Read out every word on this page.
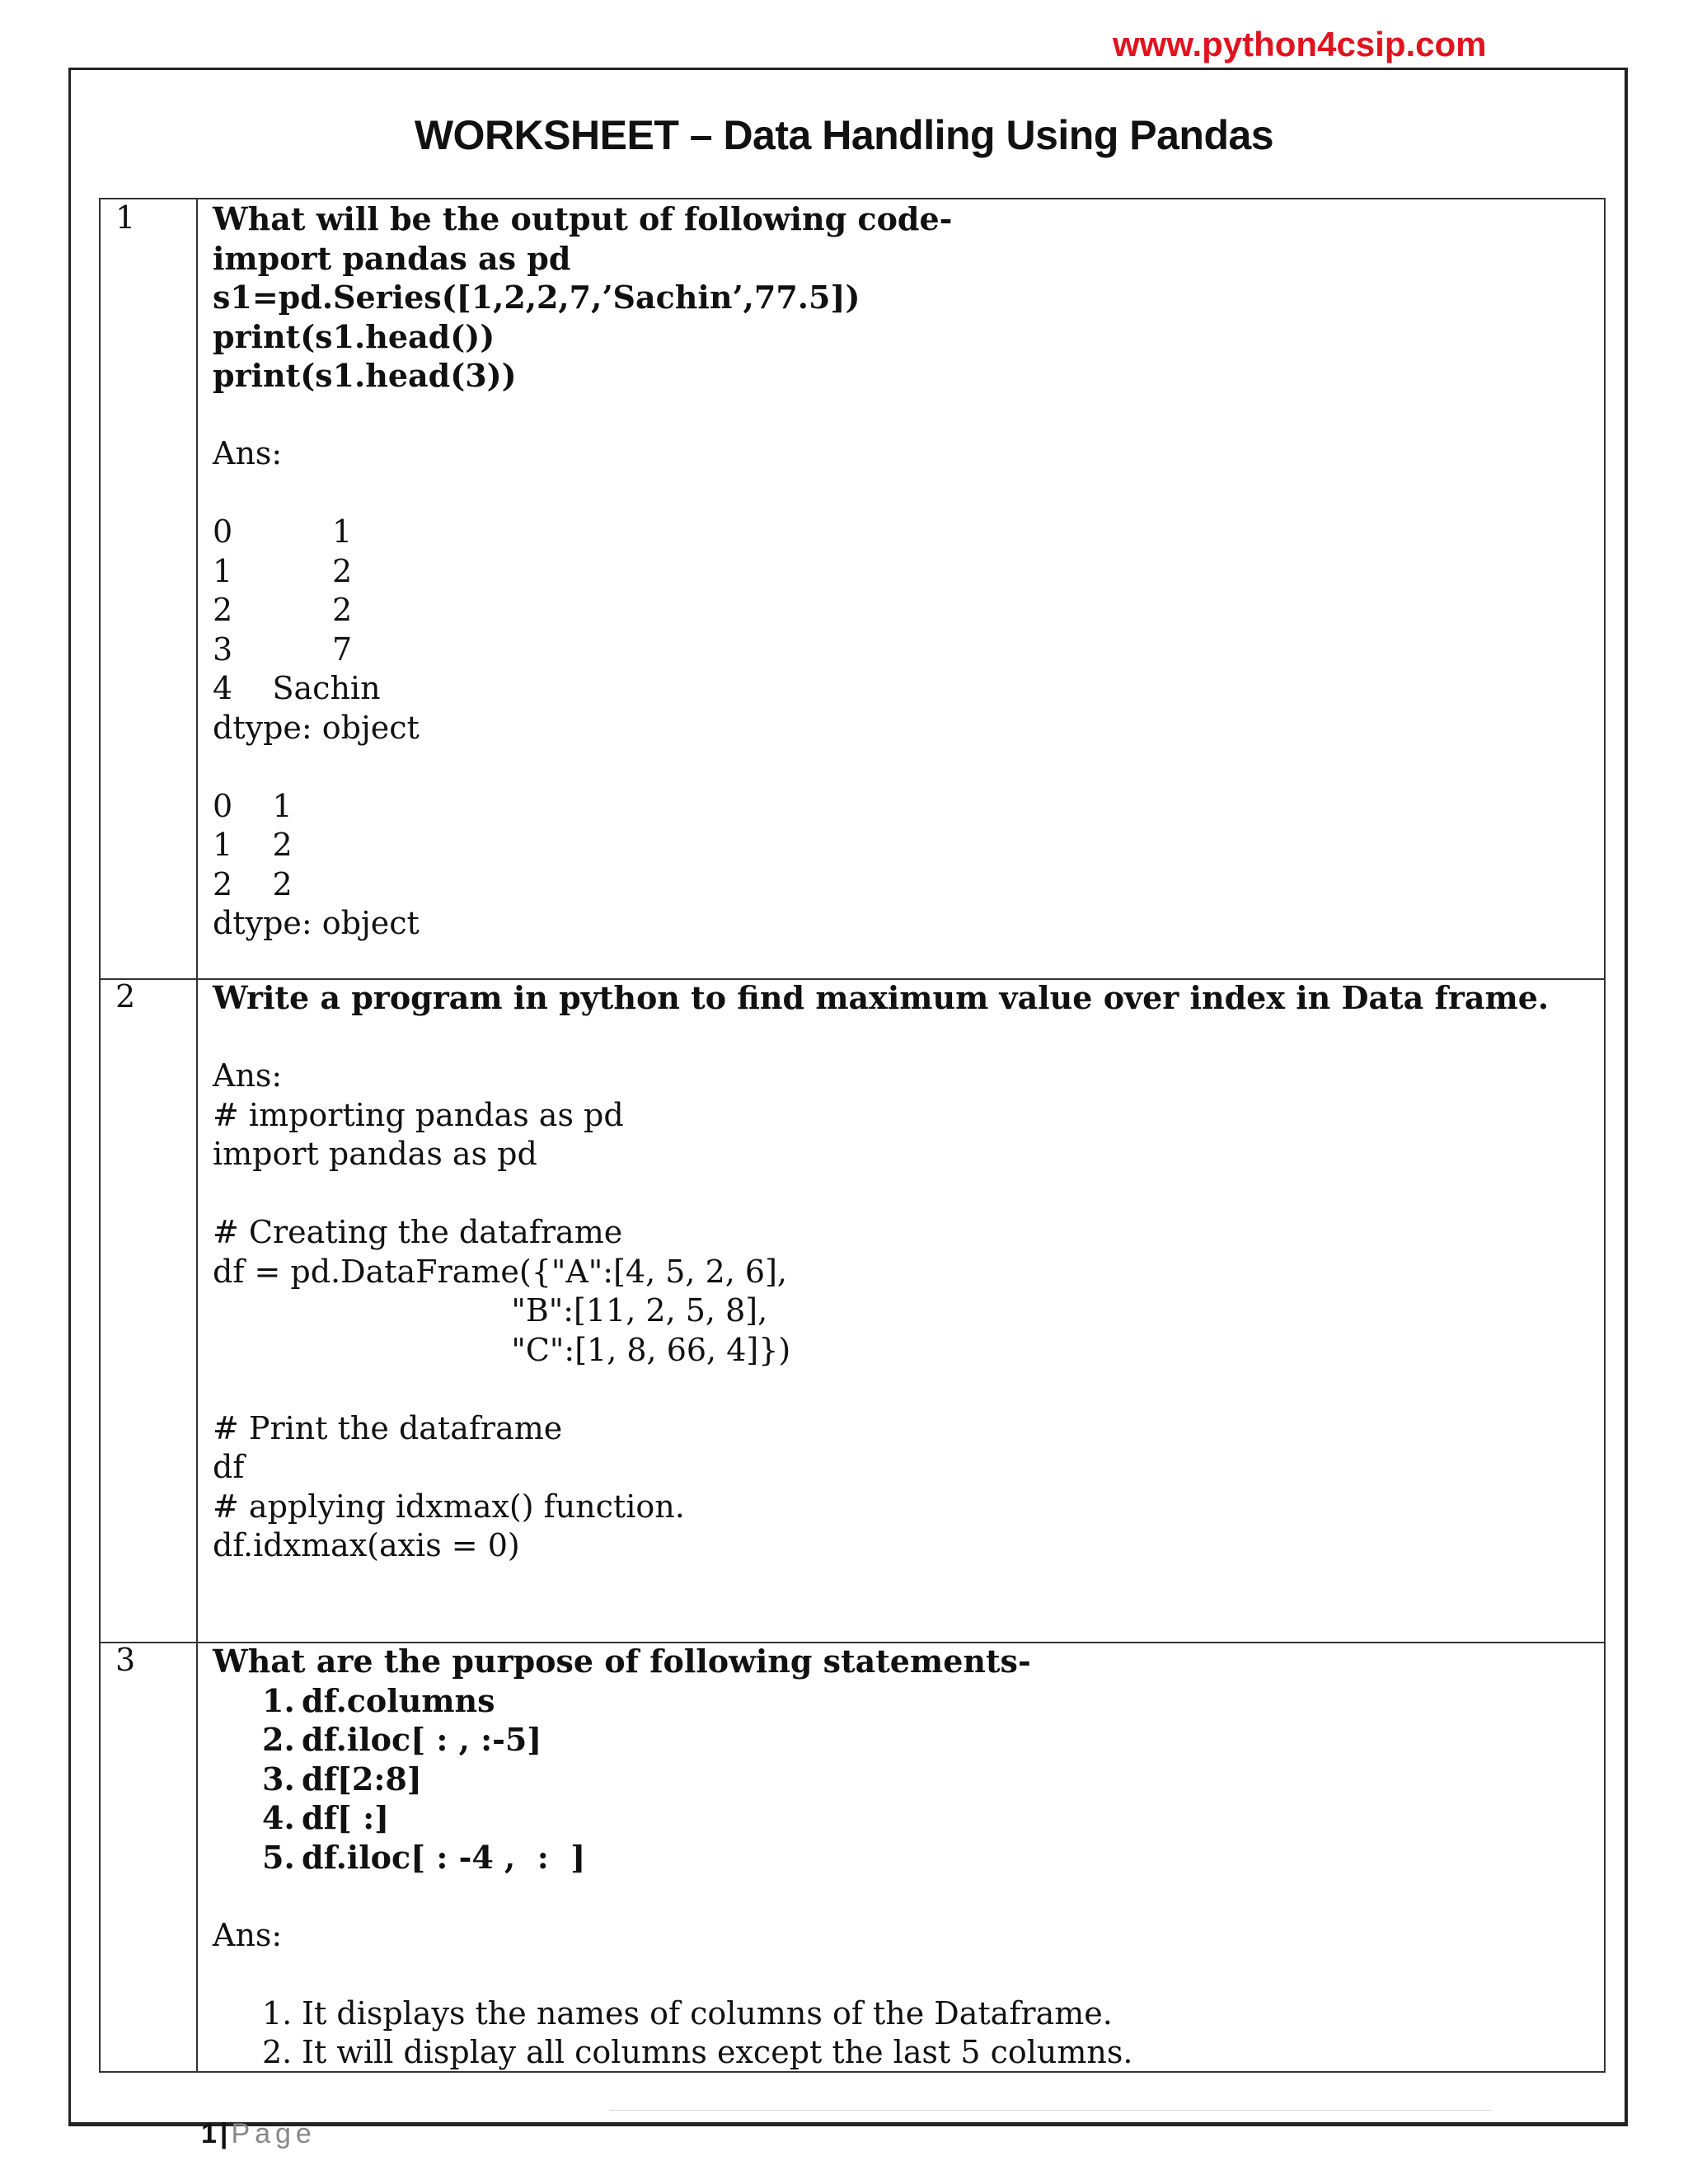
www.python4csip.com
WORKSHEET – Data Handling Using Pandas
1 What will be the output of following code-
import pandas as pd
s1=pd.Series([1,2,2,7,’Sachin’,77.5])
print(s1.head())
print(s1.head(3))
Ans:
0          1
1          2
2          2
3          7
4    Sachin
dtype: object
0    1
1    2
2    2
dtype: object
2 Write a program in python to find maximum value over index in Data frame.
Ans:
# importing pandas as pd
import pandas as pd
# Creating the dataframe
df = pd.DataFrame({"A":[4, 5, 2, 6],
"B":[11, 2, 5, 8],
"C":[1, 8, 66, 4]})
# Print the dataframe
df
# applying idxmax() function.
df.idxmax(axis = 0)
3 What are the purpose of following statements-
1. df.columns
2. df.iloc[ : , :-5]
3. df[2:8]
4. df[ :]
5. df.iloc[ : -4 ,  :  ]
Ans:
1. It displays the names of columns of the Dataframe.
2. It will display all columns except the last 5 columns.
1 | Page
